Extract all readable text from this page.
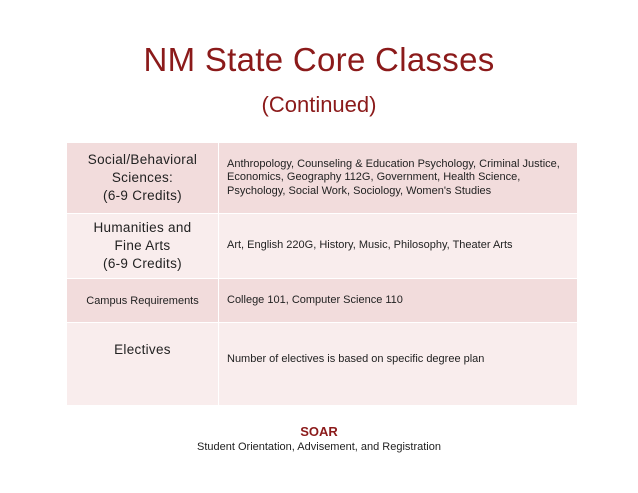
NM State Core Classes
(Continued)
Social/Behavioral
Sciences:
(6-9 Credits)	Anthropology, Counseling & Education Psychology, Criminal Justice, Economics, Geography 112G, Government, Health Science, Psychology, Social Work, Sociology, Women's Studies

Humanities and
Fine Arts
(6-9 Credits)	Art, English 220G, History, Music, Philosophy, Theater Arts

Campus Requirements	College 101, Computer Science 110

Electives	Number of electives is based on specific degree plan
SOAR
Student Orientation, Advisement, and Registration
